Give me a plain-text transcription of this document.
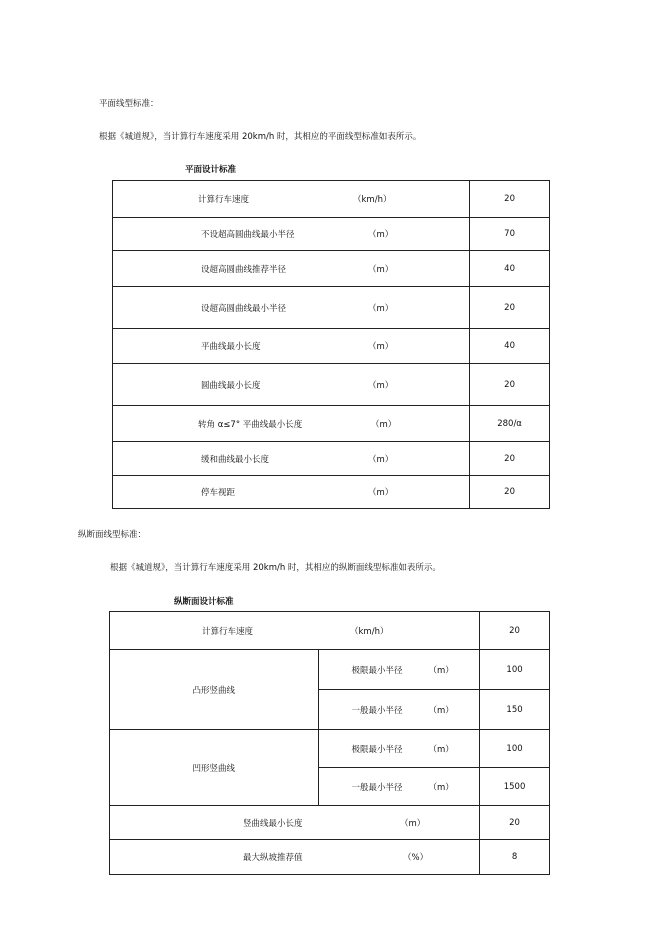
平面线型标准：
根据《城道规》，当计算行车速度采用 20km/h 时，其相应的平面线型标准如表所示。
平面设计标准
计算行车速度 （km/h）	20

不设超高圆曲线最小半径 （m）	70

设超高圆曲线推荐半径 （m）	40

设超高圆曲线最小半径 （m）	20

平曲线最小长度 （m）	40

圆曲线最小长度 （m）	20

转角 α≤7° 平曲线最小长度 （m）	280/α

缓和曲线最小长度 （m）	20

停车视距 （m）	20
纵断面线型标准：
根据《城道规》，当计算行车速度采用 20km/h 时，其相应的纵断面线型标准如表所示。
纵断面设计标准
计算行车速度 （km/h）		20
凸形竖曲线	极限最小半径 （m）	100

	一般最小半径 （m）	150
凹形竖曲线	极限最小半径 （m）	100

	一般最小半径 （m）	1500

竖曲线最小长度 （m）		20

最大纵坡推荐值 （%）		8
